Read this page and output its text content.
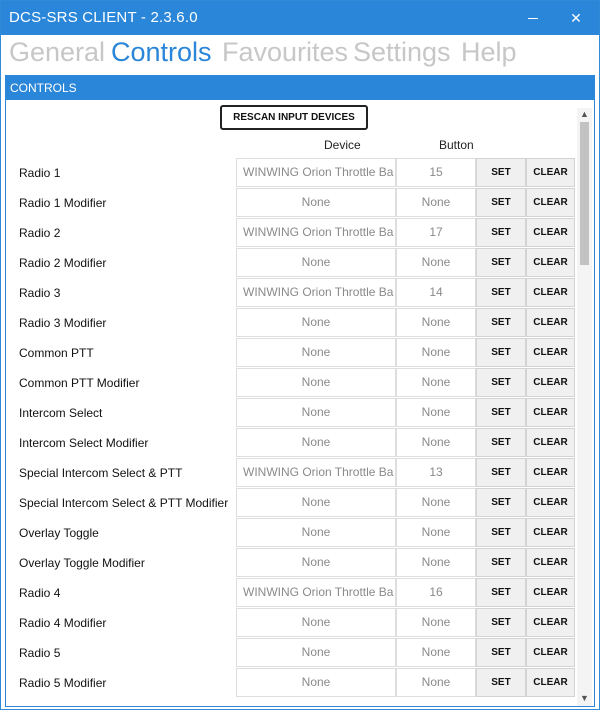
DCS-SRS CLIENT - 2.3.6.0	✕
General Controls Favourites Settings Help
CONTROLS
RESCAN INPUT DEVICES
Device	Button
Radio 1	WINWING Orion Throttle Ba	15	SET	CLEAR
Radio 1 Modifier	None	None	SET	CLEAR
Radio 2	WINWING Orion Throttle Ba	17	SET	CLEAR
Radio 2 Modifier	None	None	SET	CLEAR
Radio 3	WINWING Orion Throttle Ba	14	SET	CLEAR
Radio 3 Modifier	None	None	SET	CLEAR
Common PTT	None	None	SET	CLEAR
Common PTT Modifier	None	None	SET	CLEAR
Intercom Select	None	None	SET	CLEAR
Intercom Select Modifier	None	None	SET	CLEAR
Special Intercom Select & PTT	WINWING Orion Throttle Ba	13	SET	CLEAR
Special Intercom Select & PTT Modifier	None	None	SET	CLEAR
Overlay Toggle	None	None	SET	CLEAR
Overlay Toggle Modifier	None	None	SET	CLEAR
Radio 4	WINWING Orion Throttle Ba	16	SET	CLEAR
Radio 4 Modifier	None	None	SET	CLEAR
Radio 5	None	None	SET	CLEAR
Radio 5 Modifier	None	None	SET	CLEAR
▲
▼
